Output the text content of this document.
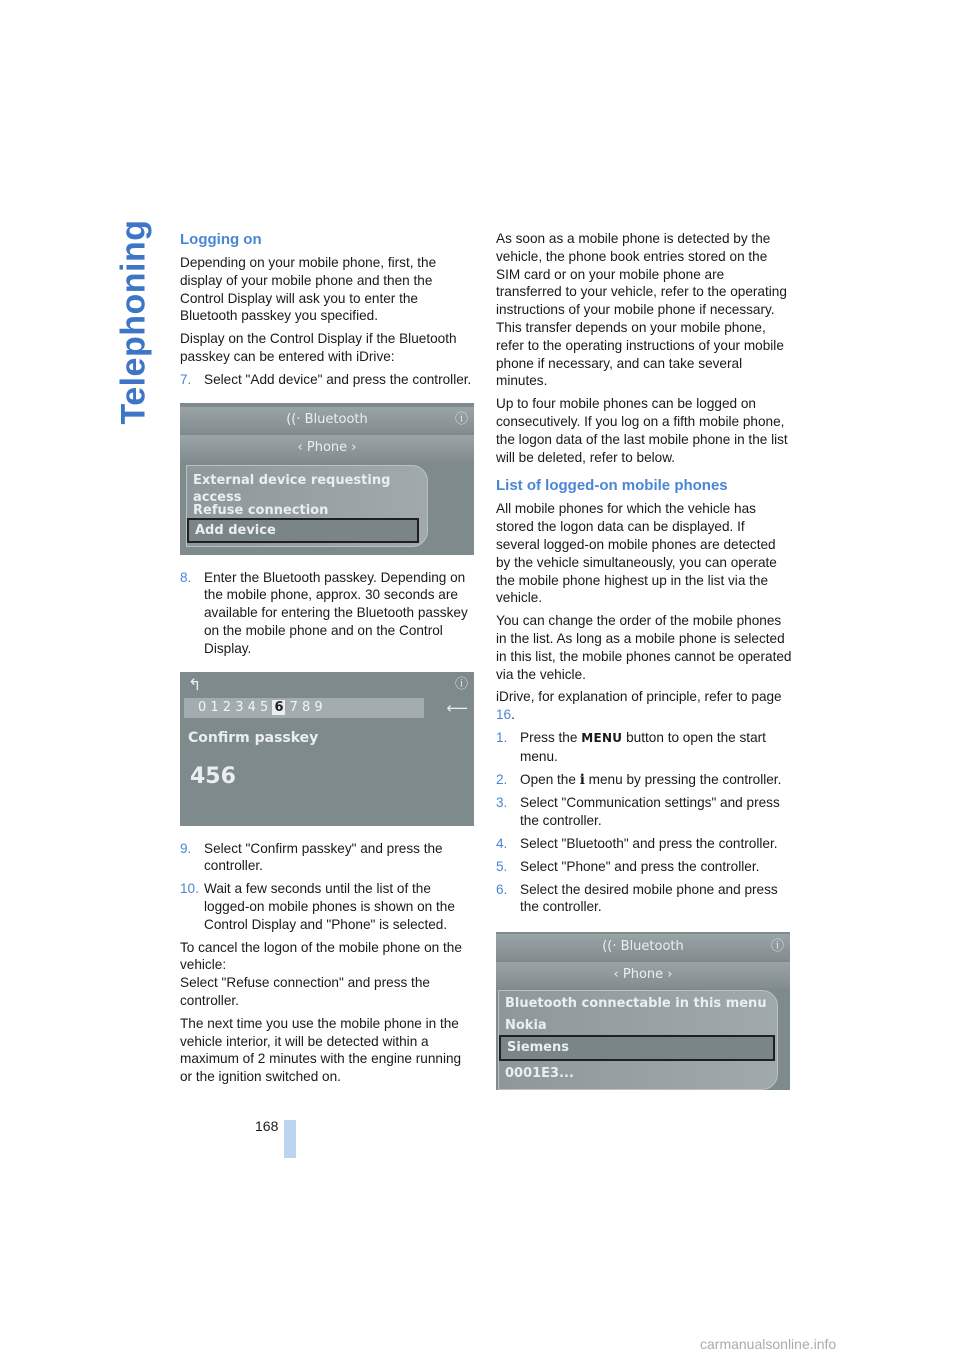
Telephoning Logging on

Depending on your mobile phone, first, the display of your mobile phone and then the Control Display will ask you to enter the Bluetooth passkey you specified.

Display on the Control Display if the Bluetooth passkey can be entered with iDrive:

7. Select "Add device" and press the controller.
((· Bluetooth	ⓘ
‹ Phone ›
External device requesting access
Refuse connection
Add device
8. Enter the Bluetooth passkey. Depending on the mobile phone, approx. 30 seconds are available for entering the Bluetooth passkey on the mobile phone and on the Control Display.
↰	ⓘ
0 1 2 3 4 5 6 7 8 9	⟵
Confirm passkey
456
9. Select "Confirm passkey" and press the controller.
10. Wait a few seconds until the list of the logged-on mobile phones is shown on the Control Display and "Phone" is selected.

To cancel the logon of the mobile phone on the vehicle:

Select "Refuse connection" and press the controller.

The next time you use the mobile phone in the vehicle interior, it will be detected within a maximum of 2 minutes with the engine running or the ignition switched on.

As soon as a mobile phone is detected by the vehicle, the phone book entries stored on the SIM card or on your mobile phone are transferred to your vehicle, refer to the operating instructions of your mobile phone if necessary. This transfer depends on your mobile phone, refer to the operating instructions of your mobile phone if necessary, and can take several minutes.

Up to four mobile phones can be logged on consecutively. If you log on a fifth mobile phone, the logon data of the last mobile phone in the list will be deleted, refer to below.

List of logged-on mobile phones

All mobile phones for which the vehicle has stored the logon data can be displayed. If several logged-on mobile phones are detected by the vehicle simultaneously, you can operate the mobile phone highest up in the list via the vehicle.

You can change the order of the mobile phones in the list. As long as a mobile phone is selected in this list, the mobile phones cannot be operated via the vehicle.

iDrive, for explanation of principle, refer to page 16.

1. Press the MENU button to open the start menu.
2. Open the i menu by pressing the controller.
3. Select "Communication settings" and press the controller.
4. Select "Bluetooth" and press the controller.
5. Select "Phone" and press the controller.
6. Select the desired mobile phone and press the controller.
((· Bluetooth	ⓘ
‹ Phone ›
Bluetooth connectable in this menu
Nokia
Siemens
0001E3...
168
carmanualsonline.info
